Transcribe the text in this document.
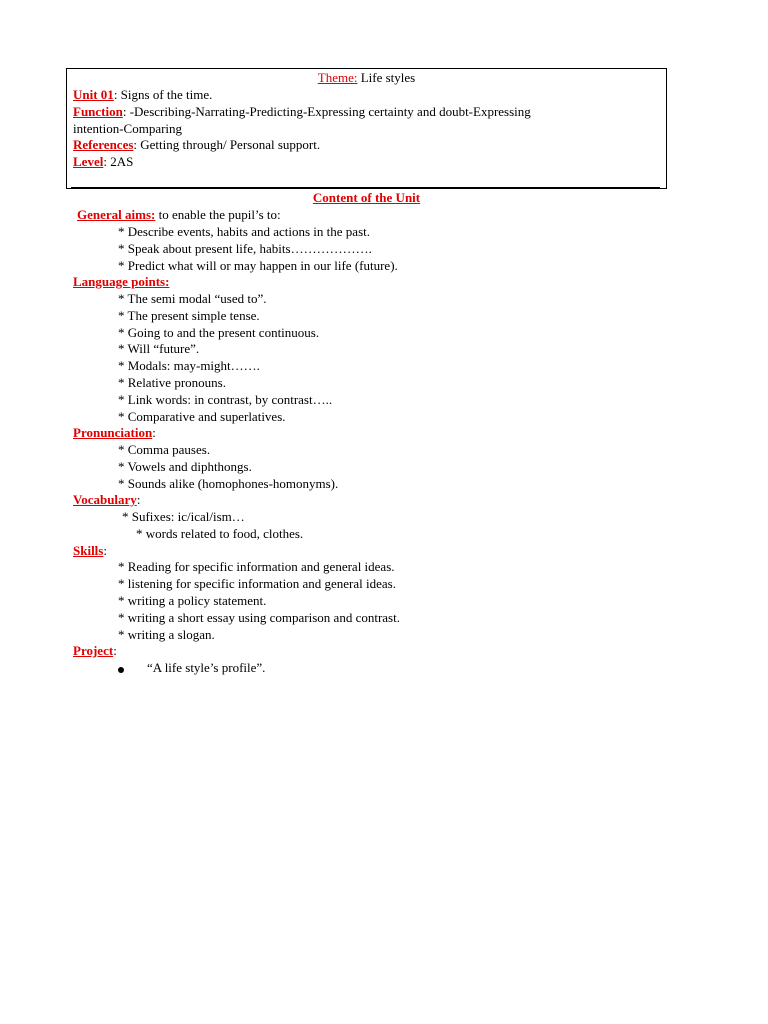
Theme: Life styles
Unit 01: Signs of the time.
Function: -Describing-Narrating-Predicting-Expressing certainty and doubt-Expressing
intention-Comparing
References: Getting through/ Personal support.
Level: 2AS
Content of the Unit
General aims: to enable the pupil’s to:
* Describe events, habits and actions in the past.
* Speak about present life, habits……………….
* Predict what will or may happen in our life (future).
Language points:
* The semi modal “used to”.
* The present simple tense.
* Going to and the present continuous.
* Will “future”.
* Modals: may-might…….
* Relative pronouns.
* Link words: in contrast, by contrast…..
* Comparative and superlatives.
Pronunciation:
* Comma pauses.
* Vowels and diphthongs.
* Sounds alike (homophones-homonyms).
Vocabulary:
* Sufixes: ic/ical/ism…
* words related to food, clothes.
Skills:
* Reading for specific information and general ideas.
* listening for specific information and general ideas.
* writing a policy statement.
* writing a short essay using comparison and contrast.
* writing a slogan.
Project:
“A life style’s profile”.
